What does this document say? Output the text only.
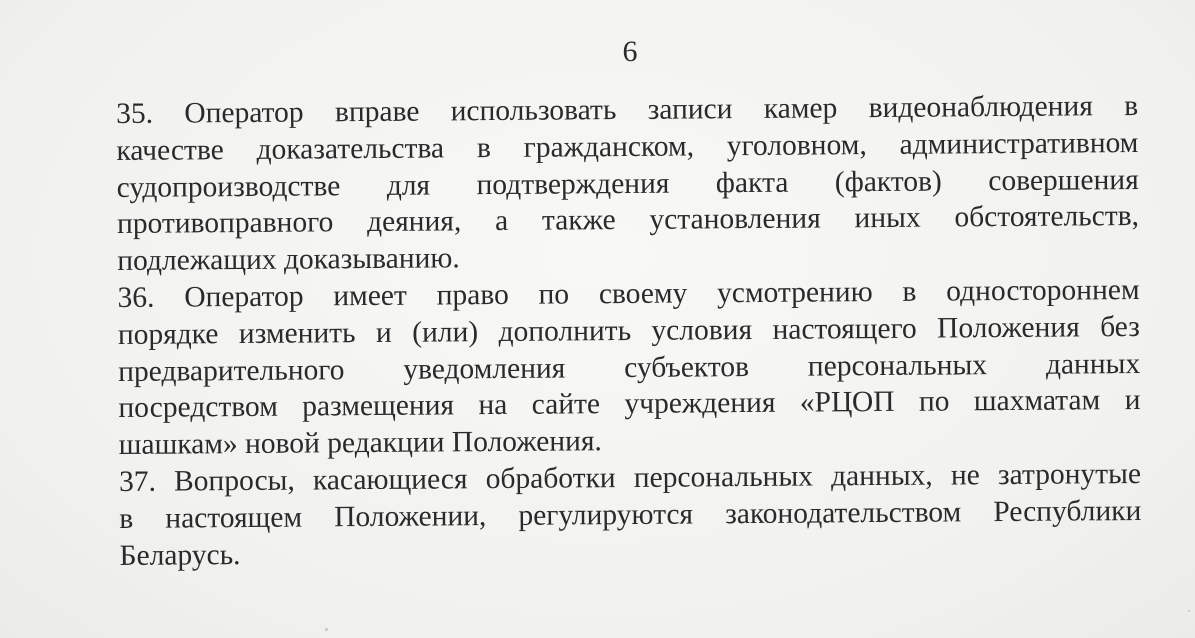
6
35. Оператор вправе использовать записи камер видеонаблюдения в
качестве доказательства в гражданском, уголовном, административном
судопроизводстве для подтверждения факта (фактов) совершения
противоправного деяния, а также установления иных обстоятельств,
подлежащих доказыванию.
36. Оператор имеет право по своему усмотрению в одностороннем
порядке изменить и (или) дополнить условия настоящего Положения без
предварительного уведомления субъектов персональных данных
посредством размещения на сайте учреждения «РЦОП по шахматам и
шашкам» новой редакции Положения.
37. Вопросы, касающиеся обработки персональных данных, не затронутые
в настоящем Положении, регулируются законодательством Республики
Беларусь.
